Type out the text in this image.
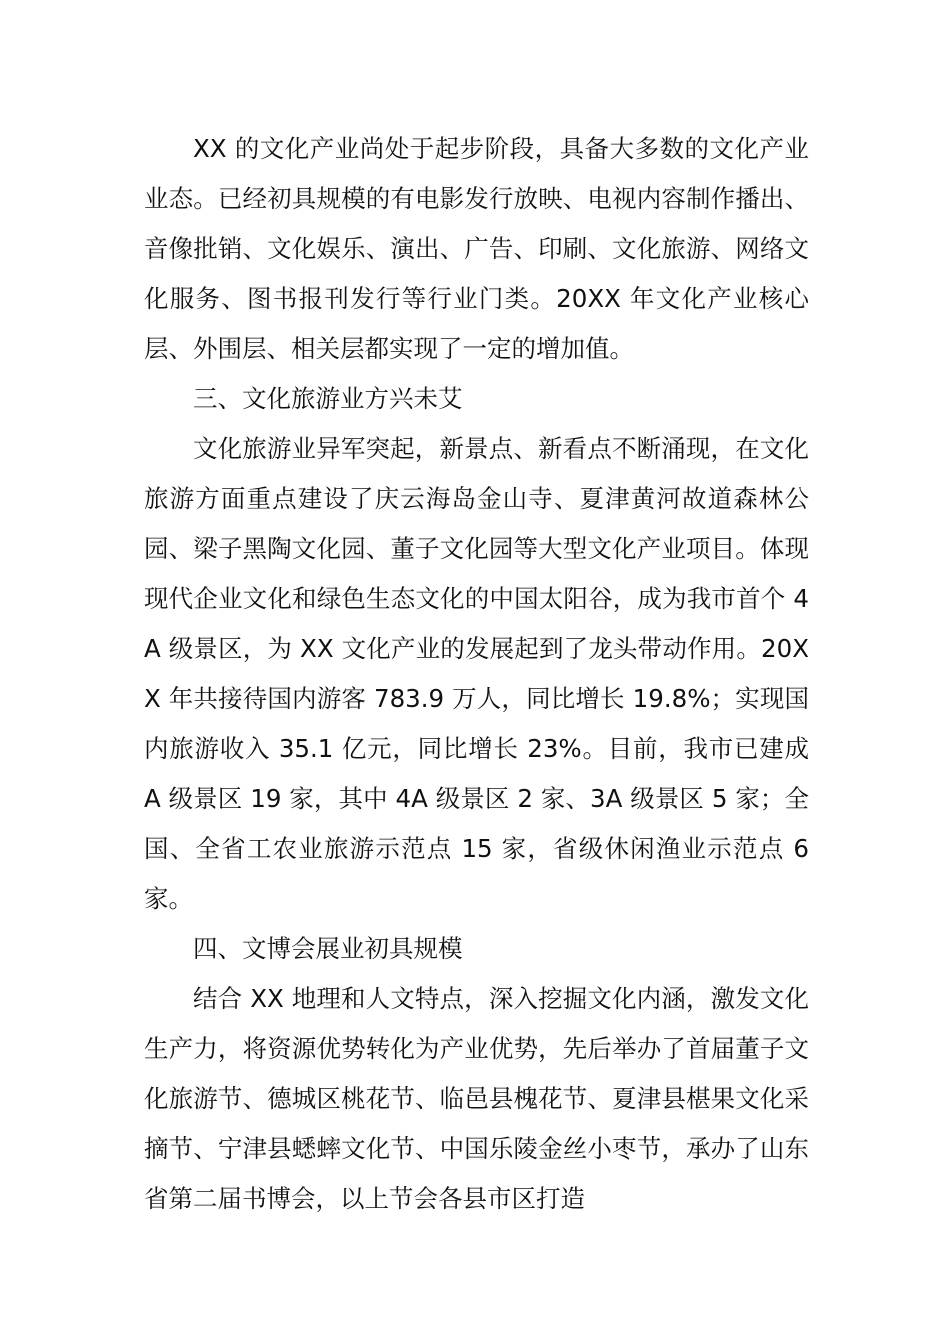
XX 的文化产业尚处于起步阶段，具备大多数的文化产业业态。已经初具规模的有电影发行放映、电视内容制作播出、音像批销、文化娱乐、演出、广告、印刷、文化旅游、网络文化服务、图书报刊发行等行业门类。20XX 年文化产业核心层、外围层、相关层都实现了一定的增加值。

三、文化旅游业方兴未艾

文化旅游业异军突起，新景点、新看点不断涌现，在文化旅游方面重点建设了庆云海岛金山寺、夏津黄河故道森林公园、梁子黑陶文化园、董子文化园等大型文化产业项目。体现现代企业文化和绿色生态文化的中国太阳谷，成为我市首个 4A 级景区，为 XX 文化产业的发展起到了龙头带动作用。20XX 年共接待国内游客 783.9 万人，同比增长 19.8%；实现国内旅游收入 35.1 亿元，同比增长 23%。目前，我市已建成 A 级景区 19 家，其中 4A 级景区 2 家、3A 级景区 5 家；全国、全省工农业旅游示范点 15 家，省级休闲渔业示范点 6 家。

四、文博会展业初具规模

结合 XX 地理和人文特点，深入挖掘文化内涵，激发文化生产力，将资源优势转化为产业优势，先后举办了首届董子文化旅游节、德城区桃花节、临邑县槐花节、夏津县椹果文化采摘节、宁津县蟋蟀文化节、中国乐陵金丝小枣节，承办了山东省第二届书博会，以上节会各县市区打造
